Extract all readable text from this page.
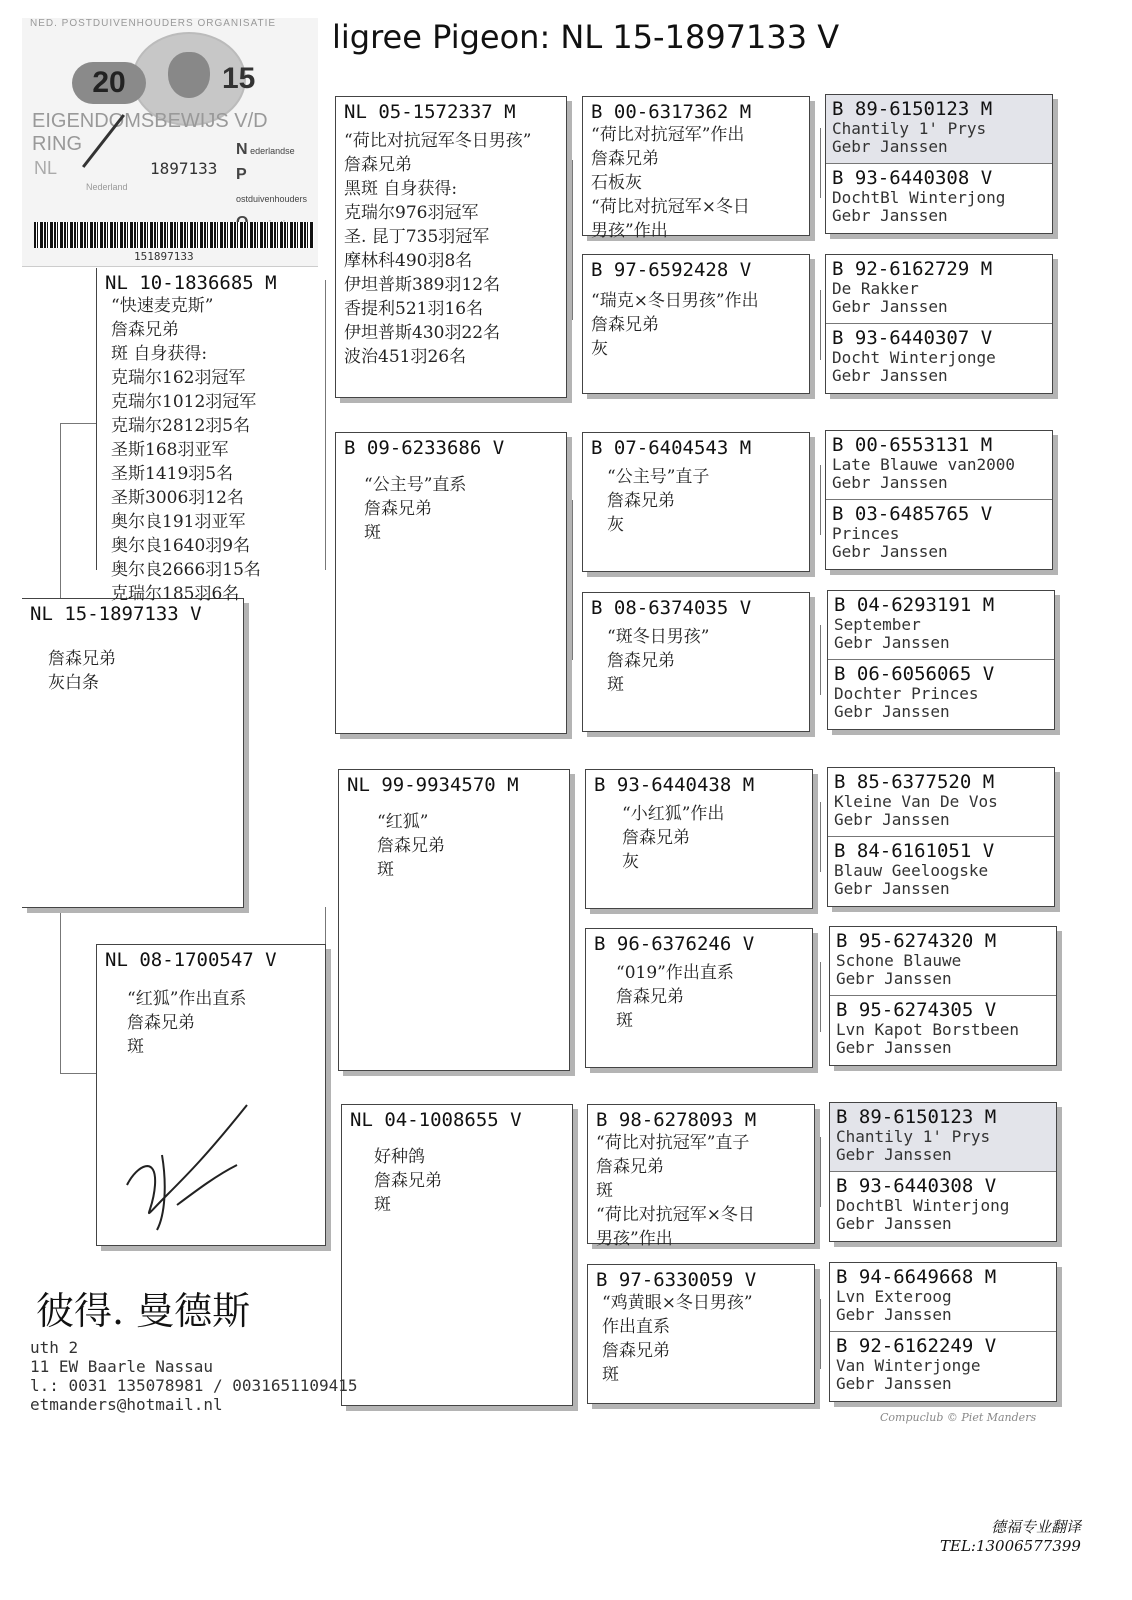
ligree Pigeon: NL 15-1897133 V
NED. POSTDUIVENHOUDERS ORGANISATIE
20	15
EIGENDOMSBEWIJS V/D RING
NL	1897133
N ederlandse
P ostduivenhouders
Nederland
151897133
NL 15-1897133 V
詹森兄弟
灰白条
NL 10-1836685 M
“快速麦克斯”
詹森兄弟
斑 自身获得:
克瑞尔162羽冠军
克瑞尔1012羽冠军
克瑞尔2812羽5名
圣斯168羽亚军
圣斯1419羽5名
圣斯3006羽12名
奥尔良191羽亚军
奥尔良1640羽9名
奥尔良2666羽15名
克瑞尔185羽6名
NL 08-1700547 V
“红狐”作出直系
詹森兄弟
斑
NL 05-1572337 M
“荷比对抗冠军冬日男孩”
詹森兄弟
黑斑 自身获得:
克瑞尔976羽冠军
圣. 昆丁735羽冠军
摩林科490羽8名
伊坦普斯389羽12名
香提利521羽16名
伊坦普斯430羽22名
波治451羽26名
B 09-6233686 V
“公主号”直系
詹森兄弟
斑
NL 99-9934570 M
“红狐”
詹森兄弟
斑
NL 04-1008655 V
好种鸽
詹森兄弟
斑
B 00-6317362 M
“荷比对抗冠军”作出
詹森兄弟
石板灰
“荷比对抗冠军×冬日
男孩”作出
B 97-6592428 V
“瑞克×冬日男孩”作出
詹森兄弟
灰
B 07-6404543 M
“公主号”直子
詹森兄弟
灰
B 08-6374035 V
“斑冬日男孩”
詹森兄弟
斑
B 93-6440438 M
“小红狐”作出
詹森兄弟
灰
B 96-6376246 V
“019”作出直系
詹森兄弟
斑
B 98-6278093 M
“荷比对抗冠军”直子
詹森兄弟
斑
“荷比对抗冠军×冬日
男孩”作出
B 97-6330059 V
“鸡黄眼×冬日男孩”
作出直系
詹森兄弟
斑
B 89-6150123 M
Chantily 1' Prys
Gebr Janssen
B 93-6440308 V
DochtBl Winterjong
Gebr Janssen
B 92-6162729 M
De Rakker
Gebr Janssen
B 93-6440307 V
Docht Winterjonge
Gebr Janssen
B 00-6553131 M
Late Blauwe van2000
Gebr Janssen
B 03-6485765 V
Princes
Gebr Janssen
B 04-6293191 M
September
Gebr Janssen
B 06-6056065 V
Dochter Princes
Gebr Janssen
B 85-6377520 M
Kleine Van De Vos
Gebr Janssen
B 84-6161051 V
Blauw Geeloogske
Gebr Janssen
B 95-6274320 M
Schone Blauwe
Gebr Janssen
B 95-6274305 V
Lvn Kapot Borstbeen
Gebr Janssen
B 89-6150123 M
Chantily 1' Prys
Gebr Janssen
B 93-6440308 V
DochtBl Winterjong
Gebr Janssen
B 94-6649668 M
Lvn Exteroog
Gebr Janssen
B 92-6162249 V
Van Winterjonge
Gebr Janssen
彼得. 曼德斯
uth 2
11 EW Baarle Nassau
l.: 0031 135078981 / 0031651109415
etmanders@hotmail.nl
Compuclub © Piet Manders
德福专业翻译
TEL:13006577399
